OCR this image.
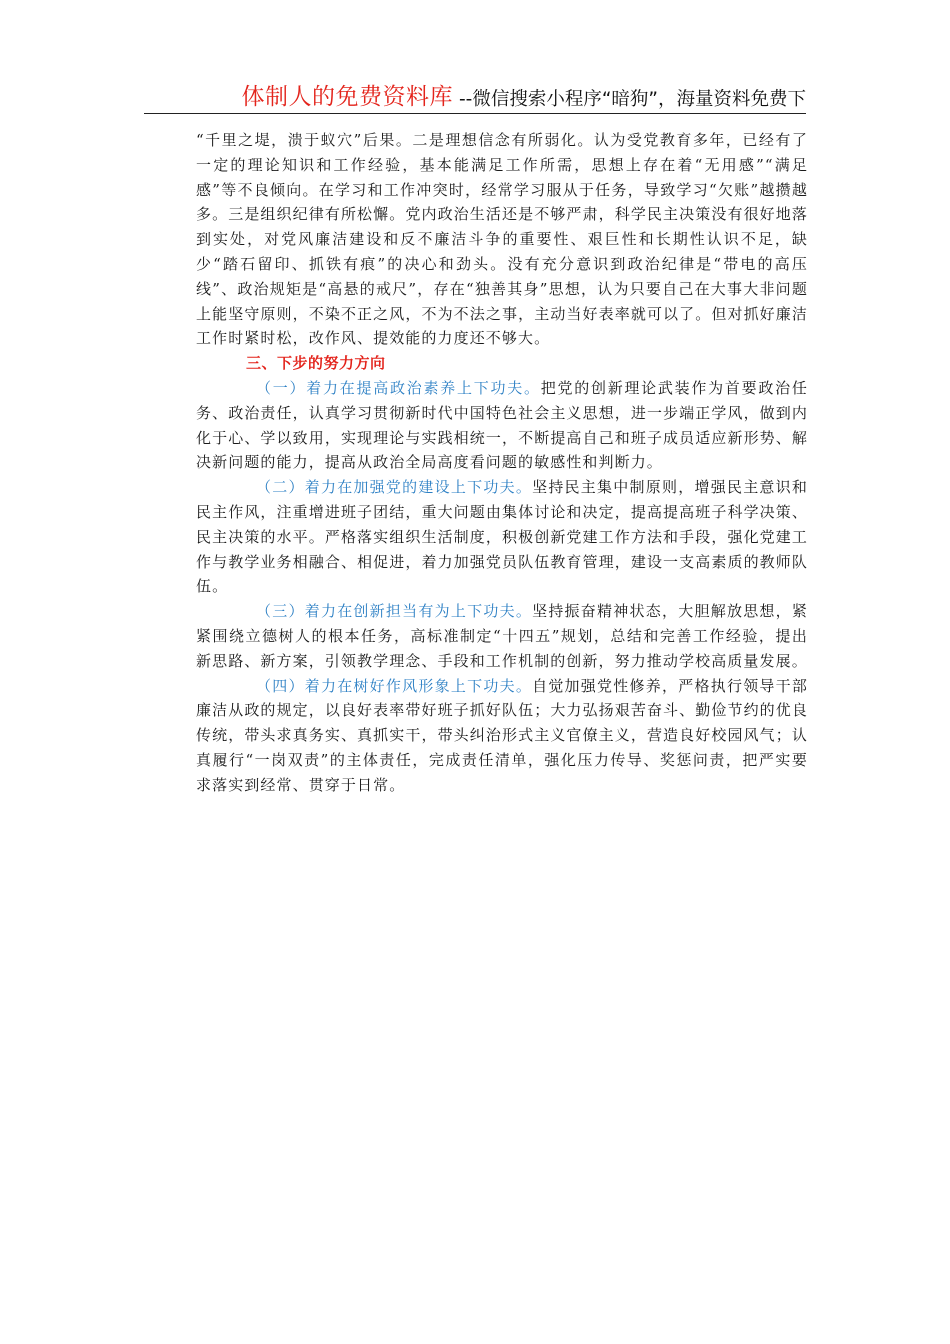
体制人的免费资料库 --微信搜索小程序“暗狗”，海量资料免费下

“千里之堤，溃于蚁穴”后果。二是理想信念有所弱化。认为受党教育多年，已经有了一定的理论知识和工作经验，基本能满足工作所需，思想上存在着“无用感”“满足感”等不良倾向。在学习和工作冲突时，经常学习服从于任务，导致学习“欠账”越攒越多。三是组织纪律有所松懈。党内政治生活还是不够严肃，科学民主决策没有很好地落到实处，对党风廉洁建设和反不廉洁斗争的重要性、艰巨性和长期性认识不足，缺少“踏石留印、抓铁有痕”的决心和劲头。没有充分意识到政治纪律是“带电的高压线”、政治规矩是“高悬的戒尺”，存在“独善其身”思想，认为只要自己在大事大非问题上能坚守原则，不染不正之风，不为不法之事，主动当好表率就可以了。但对抓好廉洁工作时紧时松，改作风、提效能的力度还不够大。

三、下步的努力方向

（一）着力在提高政治素养上下功夫。把党的创新理论武装作为首要政治任务、政治责任，认真学习贯彻新时代中国特色社会主义思想，进一步端正学风，做到内化于心、学以致用，实现理论与实践相统一，不断提高自己和班子成员适应新形势、解决新问题的能力，提高从政治全局高度看问题的敏感性和判断力。

（二）着力在加强党的建设上下功夫。坚持民主集中制原则，增强民主意识和民主作风，注重增进班子团结，重大问题由集体讨论和决定，提高提高班子科学决策、民主决策的水平。严格落实组织生活制度，积极创新党建工作方法和手段，强化党建工作与教学业务相融合、相促进，着力加强党员队伍教育管理，建设一支高素质的教师队伍。

（三）着力在创新担当有为上下功夫。坚持振奋精神状态，大胆解放思想，紧紧围绕立德树人的根本任务，高标准制定“十四五”规划，总结和完善工作经验，提出新思路、新方案，引领教学理念、手段和工作机制的创新，努力推动学校高质量发展。

（四）着力在树好作风形象上下功夫。自觉加强党性修养，严格执行领导干部廉洁从政的规定，以良好表率带好班子抓好队伍；大力弘扬艰苦奋斗、勤俭节约的优良传统，带头求真务实、真抓实干，带头纠治形式主义官僚主义，营造良好校园风气；认真履行“一岗双责”的主体责任，完成责任清单，强化压力传导、奖惩问责，把严实要求落实到经常、贯穿于日常。
